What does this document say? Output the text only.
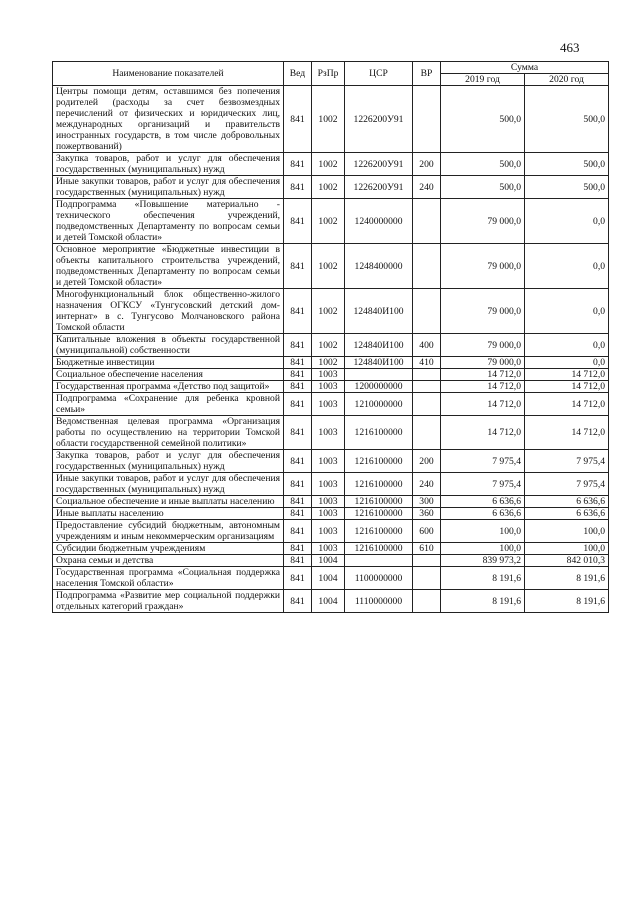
463
Наименование показателей	Вед	РзПр	ЦСР	ВР	Сумма	
					2019 год	2020 год
Центры помощи детям, оставшимся без попечения родителей (расходы за счет безвозмездных перечислений от физических и юридических лиц, международных организаций и правительств иностранных государств, в том числе добровольных пожертвований)	841	1002	1226200У91		500,0	500,0
Закупка товаров, работ и услуг для обеспечения государственных (муниципальных) нужд	841	1002	1226200У91	200	500,0	500,0
Иные закупки товаров, работ и услуг для обеспечения государственных (муниципальных) нужд	841	1002	1226200У91	240	500,0	500,0
Подпрограмма «Повышение материально - технического обеспечения учреждений, подведомственных Департаменту по вопросам семьи и детей Томской области»	841	1002	1240000000		79 000,0	0,0
Основное мероприятие «Бюджетные инвестиции в объекты капитального строительства учреждений, подведомственных Департаменту по вопросам семьи и детей Томской области»	841	1002	1248400000		79 000,0	0,0
Многофункциональный блок общественно-жилого назначения ОГКСУ «Тунгусовский детский дом-интернат» в с. Тунгусово Молчановского района Томской области	841	1002	124840И100		79 000,0	0,0
Капитальные вложения в объекты государственной (муниципальной) собственности	841	1002	124840И100	400	79 000,0	0,0
Бюджетные инвестиции	841	1002	124840И100	410	79 000,0	0,0
Социальное обеспечение населения	841	1003			14 712,0	14 712,0
Государственная программа «Детство под защитой»	841	1003	1200000000		14 712,0	14 712,0
Подпрограмма «Сохранение для ребенка кровной семьи»	841	1003	1210000000		14 712,0	14 712,0
Ведомственная целевая программа «Организация работы по осуществлению на территории Томской области государственной семейной политики»	841	1003	1216100000		14 712,0	14 712,0
Закупка товаров, работ и услуг для обеспечения государственных (муниципальных) нужд	841	1003	1216100000	200	7 975,4	7 975,4
Иные закупки товаров, работ и услуг для обеспечения государственных (муниципальных) нужд	841	1003	1216100000	240	7 975,4	7 975,4
Социальное обеспечение и иные выплаты населению	841	1003	1216100000	300	6 636,6	6 636,6
Иные выплаты населению	841	1003	1216100000	360	6 636,6	6 636,6
Предоставление субсидий бюджетным, автономным учреждениям и иным некоммерческим организациям	841	1003	1216100000	600	100,0	100,0
Субсидии бюджетным учреждениям	841	1003	1216100000	610	100,0	100,0
Охрана семьи и детства	841	1004			839 973,2	842 010,3
Государственная программа «Социальная поддержка населения Томской области»	841	1004	1100000000		8 191,6	8 191,6
Подпрограмма «Развитие мер социальной поддержки отдельных категорий граждан»	841	1004	1110000000		8 191,6	8 191,6
